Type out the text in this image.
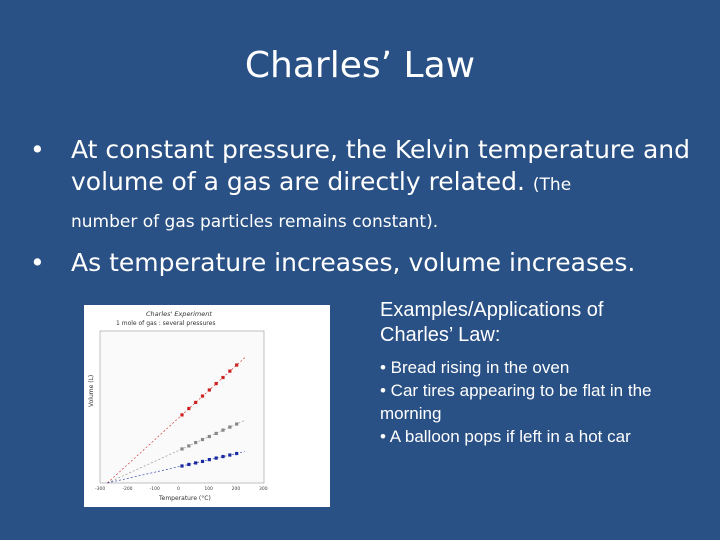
Charles’ Law
• At constant pressure, the Kelvin temperature and volume of a gas are directly related. (The
number of gas particles remains constant).
• As temperature increases, volume increases.
Charles' Experiment
1 mole of gas : several pressures
-300	-200	-100	0	100	200	300
Temperature (°C)
Volume (L)
Examples/Applications of Charles’ Law:
• Bread rising in the oven
• Car tires appearing to be flat in the morning
• A balloon pops if left in a hot car
